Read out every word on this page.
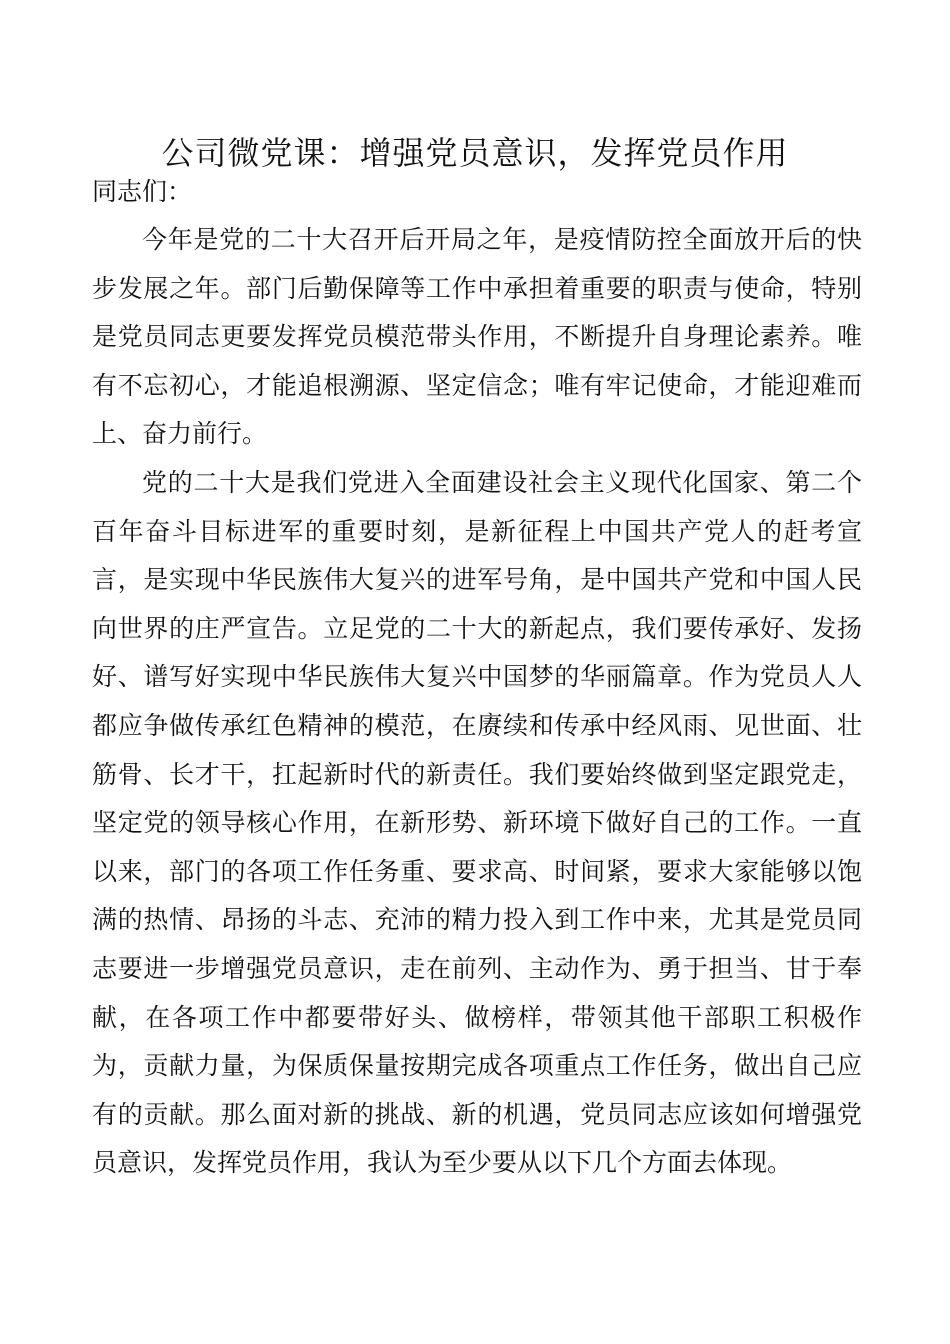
公司微党课：增强党员意识，发挥党员作用
同志们：

今年是党的二十大召开后开局之年，是疫情防控全面放开后的快步发展之年。部门后勤保障等工作中承担着重要的职责与使命，特别是党员同志更要发挥党员模范带头作用，不断提升自身理论素养。唯有不忘初心，才能追根溯源、坚定信念；唯有牢记使命，才能迎难而上、奋力前行。

党的二十大是我们党进入全面建设社会主义现代化国家、第二个百年奋斗目标进军的重要时刻，是新征程上中国共产党人的赶考宣言，是实现中华民族伟大复兴的进军号角，是中国共产党和中国人民向世界的庄严宣告。立足党的二十大的新起点，我们要传承好、发扬好、谱写好实现中华民族伟大复兴中国梦的华丽篇章。作为党员人人都应争做传承红色精神的模范，在赓续和传承中经风雨、见世面、壮筋骨、长才干，扛起新时代的新责任。我们要始终做到坚定跟党走，坚定党的领导核心作用，在新形势、新环境下做好自己的工作。一直以来，部门的各项工作任务重、要求高、时间紧，要求大家能够以饱满的热情、昂扬的斗志、充沛的精力投入到工作中来，尤其是党员同志要进一步增强党员意识，走在前列、主动作为、勇于担当、甘于奉献，在各项工作中都要带好头、做榜样，带领其他干部职工积极作为，贡献力量，为保质保量按期完成各项重点工作任务，做出自己应有的贡献。那么面对新的挑战、新的机遇，党员同志应该如何增强党员意识，发挥党员作用，我认为至少要从以下几个方面去体现。
